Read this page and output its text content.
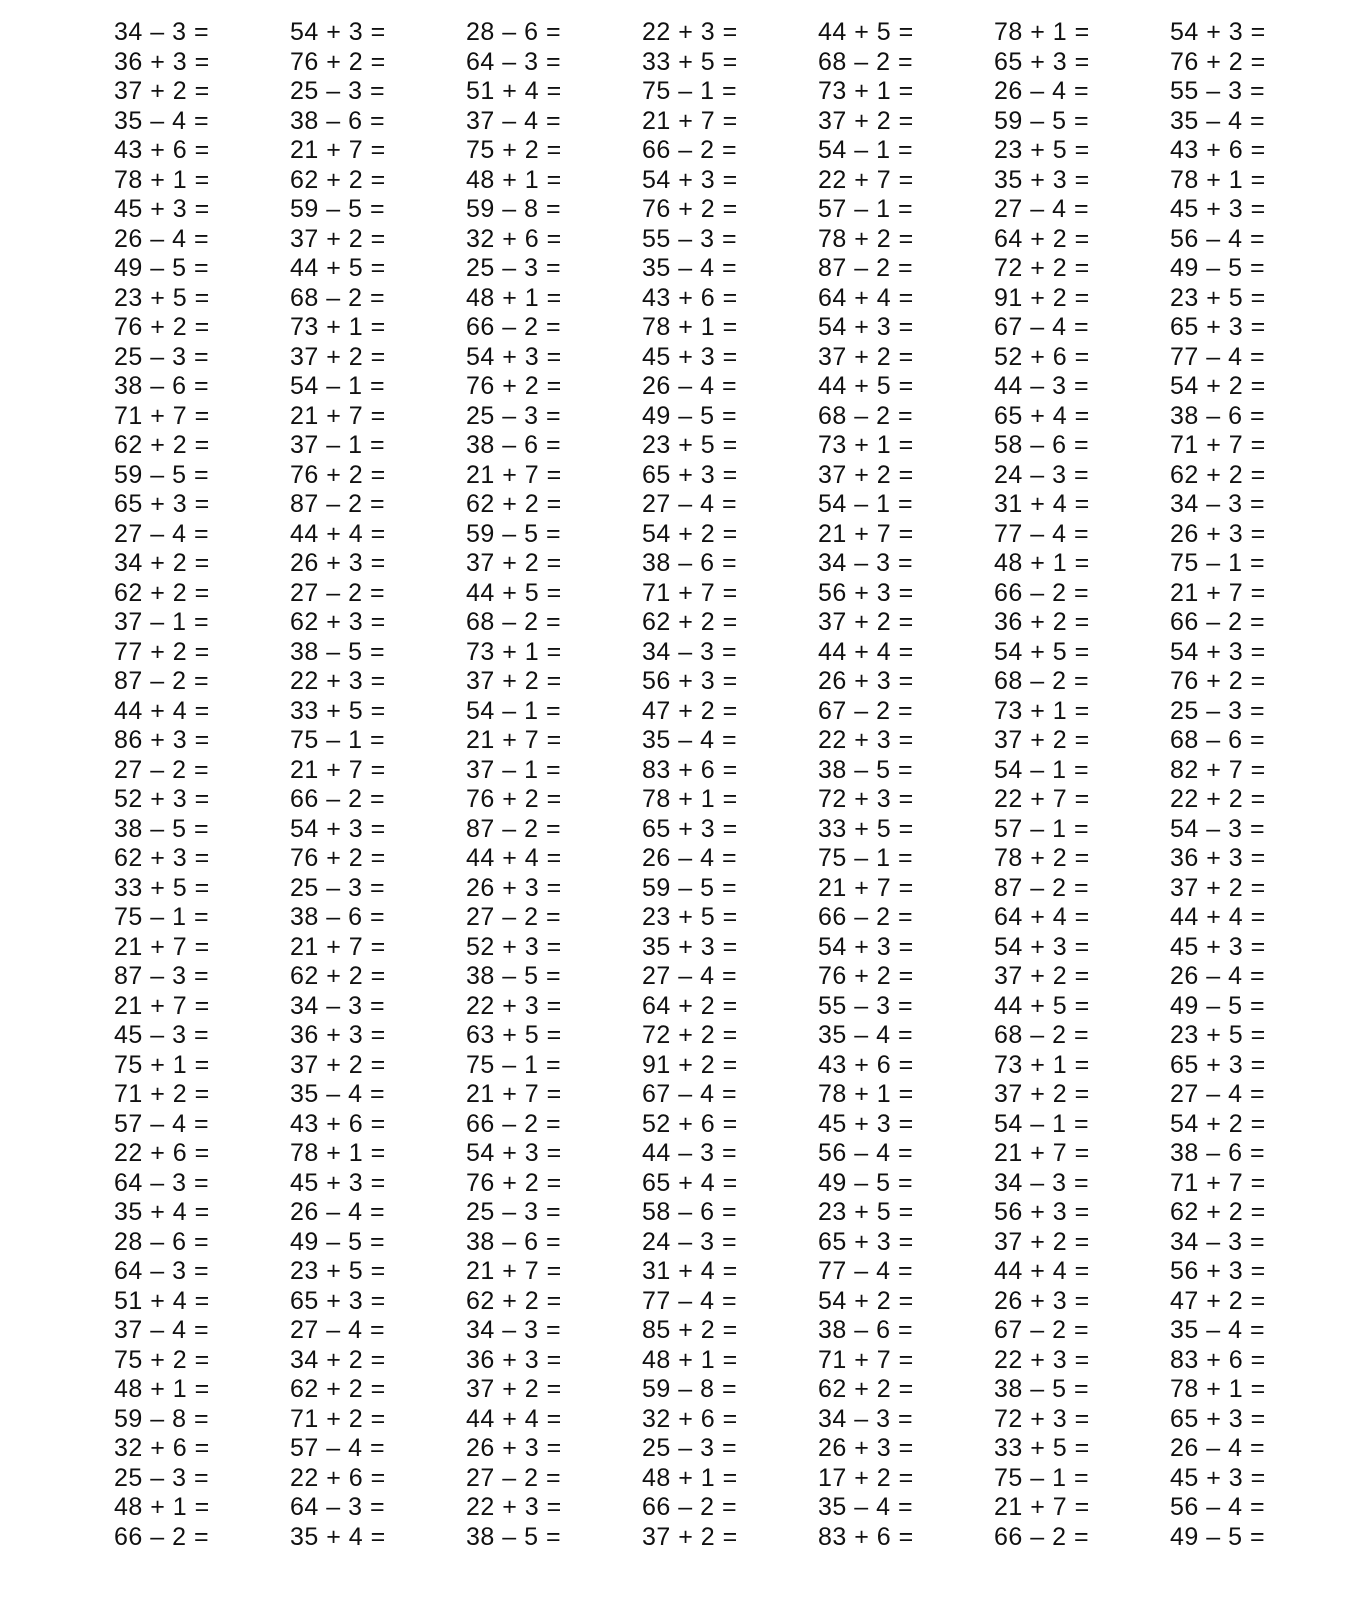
34 – 3 =	54 + 3 =	28 – 6 =	22 + 3 =	44 + 5 =	78 + 1 =	54 + 3 =
36 + 3 =	76 + 2 =	64 – 3 =	33 + 5 =	68 – 2 =	65 + 3 =	76 + 2 =
37 + 2 =	25 – 3 =	51 + 4 =	75 – 1 =	73 + 1 =	26 – 4 =	55 – 3 =
35 – 4 =	38 – 6 =	37 – 4 =	21 + 7 =	37 + 2 =	59 – 5 =	35 – 4 =
43 + 6 =	21 + 7 =	75 + 2 =	66 – 2 =	54 – 1 =	23 + 5 =	43 + 6 =
78 + 1 =	62 + 2 =	48 + 1 =	54 + 3 =	22 + 7 =	35 + 3 =	78 + 1 =
45 + 3 =	59 – 5 =	59 – 8 =	76 + 2 =	57 – 1 =	27 – 4 =	45 + 3 =
26 – 4 =	37 + 2 =	32 + 6 =	55 – 3 =	78 + 2 =	64 + 2 =	56 – 4 =
49 – 5 =	44 + 5 =	25 – 3 =	35 – 4 =	87 – 2 =	72 + 2 =	49 – 5 =
23 + 5 =	68 – 2 =	48 + 1 =	43 + 6 =	64 + 4 =	91 + 2 =	23 + 5 =
76 + 2 =	73 + 1 =	66 – 2 =	78 + 1 =	54 + 3 =	67 – 4 =	65 + 3 =
25 – 3 =	37 + 2 =	54 + 3 =	45 + 3 =	37 + 2 =	52 + 6 =	77 – 4 =
38 – 6 =	54 – 1 =	76 + 2 =	26 – 4 =	44 + 5 =	44 – 3 =	54 + 2 =
71 + 7 =	21 + 7 =	25 – 3 =	49 – 5 =	68 – 2 =	65 + 4 =	38 – 6 =
62 + 2 =	37 – 1 =	38 – 6 =	23 + 5 =	73 + 1 =	58 – 6 =	71 + 7 =
59 – 5 =	76 + 2 =	21 + 7 =	65 + 3 =	37 + 2 =	24 – 3 =	62 + 2 =
65 + 3 =	87 – 2 =	62 + 2 =	27 – 4 =	54 – 1 =	31 + 4 =	34 – 3 =
27 – 4 =	44 + 4 =	59 – 5 =	54 + 2 =	21 + 7 =	77 – 4 =	26 + 3 =
34 + 2 =	26 + 3 =	37 + 2 =	38 – 6 =	34 – 3 =	48 + 1 =	75 – 1 =
62 + 2 =	27 – 2 =	44 + 5 =	71 + 7 =	56 + 3 =	66 – 2 =	21 + 7 =
37 – 1 =	62 + 3 =	68 – 2 =	62 + 2 =	37 + 2 =	36 + 2 =	66 – 2 =
77 + 2 =	38 – 5 =	73 + 1 =	34 – 3 =	44 + 4 =	54 + 5 =	54 + 3 =
87 – 2 =	22 + 3 =	37 + 2 =	56 + 3 =	26 + 3 =	68 – 2 =	76 + 2 =
44 + 4 =	33 + 5 =	54 – 1 =	47 + 2 =	67 – 2 =	73 + 1 =	25 – 3 =
86 + 3 =	75 – 1 =	21 + 7 =	35 – 4 =	22 + 3 =	37 + 2 =	68 – 6 =
27 – 2 =	21 + 7 =	37 – 1 =	83 + 6 =	38 – 5 =	54 – 1 =	82 + 7 =
52 + 3 =	66 – 2 =	76 + 2 =	78 + 1 =	72 + 3 =	22 + 7 =	22 + 2 =
38 – 5 =	54 + 3 =	87 – 2 =	65 + 3 =	33 + 5 =	57 – 1 =	54 – 3 =
62 + 3 =	76 + 2 =	44 + 4 =	26 – 4 =	75 – 1 =	78 + 2 =	36 + 3 =
33 + 5 =	25 – 3 =	26 + 3 =	59 – 5 =	21 + 7 =	87 – 2 =	37 + 2 =
75 – 1 =	38 – 6 =	27 – 2 =	23 + 5 =	66 – 2 =	64 + 4 =	44 + 4 =
21 + 7 =	21 + 7 =	52 + 3 =	35 + 3 =	54 + 3 =	54 + 3 =	45 + 3 =
87 – 3 =	62 + 2 =	38 – 5 =	27 – 4 =	76 + 2 =	37 + 2 =	26 – 4 =
21 + 7 =	34 – 3 =	22 + 3 =	64 + 2 =	55 – 3 =	44 + 5 =	49 – 5 =
45 – 3 =	36 + 3 =	63 + 5 =	72 + 2 =	35 – 4 =	68 – 2 =	23 + 5 =
75 + 1 =	37 + 2 =	75 – 1 =	91 + 2 =	43 + 6 =	73 + 1 =	65 + 3 =
71 + 2 =	35 – 4 =	21 + 7 =	67 – 4 =	78 + 1 =	37 + 2 =	27 – 4 =
57 – 4 =	43 + 6 =	66 – 2 =	52 + 6 =	45 + 3 =	54 – 1 =	54 + 2 =
22 + 6 =	78 + 1 =	54 + 3 =	44 – 3 =	56 – 4 =	21 + 7 =	38 – 6 =
64 – 3 =	45 + 3 =	76 + 2 =	65 + 4 =	49 – 5 =	34 – 3 =	71 + 7 =
35 + 4 =	26 – 4 =	25 – 3 =	58 – 6 =	23 + 5 =	56 + 3 =	62 + 2 =
28 – 6 =	49 – 5 =	38 – 6 =	24 – 3 =	65 + 3 =	37 + 2 =	34 – 3 =
64 – 3 =	23 + 5 =	21 + 7 =	31 + 4 =	77 – 4 =	44 + 4 =	56 + 3 =
51 + 4 =	65 + 3 =	62 + 2 =	77 – 4 =	54 + 2 =	26 + 3 =	47 + 2 =
37 – 4 =	27 – 4 =	34 – 3 =	85 + 2 =	38 – 6 =	67 – 2 =	35 – 4 =
75 + 2 =	34 + 2 =	36 + 3 =	48 + 1 =	71 + 7 =	22 + 3 =	83 + 6 =
48 + 1 =	62 + 2 =	37 + 2 =	59 – 8 =	62 + 2 =	38 – 5 =	78 + 1 =
59 – 8 =	71 + 2 =	44 + 4 =	32 + 6 =	34 – 3 =	72 + 3 =	65 + 3 =
32 + 6 =	57 – 4 =	26 + 3 =	25 – 3 =	26 + 3 =	33 + 5 =	26 – 4 =
25 – 3 =	22 + 6 =	27 – 2 =	48 + 1 =	17 + 2 =	75 – 1 =	45 + 3 =
48 + 1 =	64 – 3 =	22 + 3 =	66 – 2 =	35 – 4 =	21 + 7 =	56 – 4 =
66 – 2 =	35 + 4 =	38 – 5 =	37 + 2 =	83 + 6 =	66 – 2 =	49 – 5 =
